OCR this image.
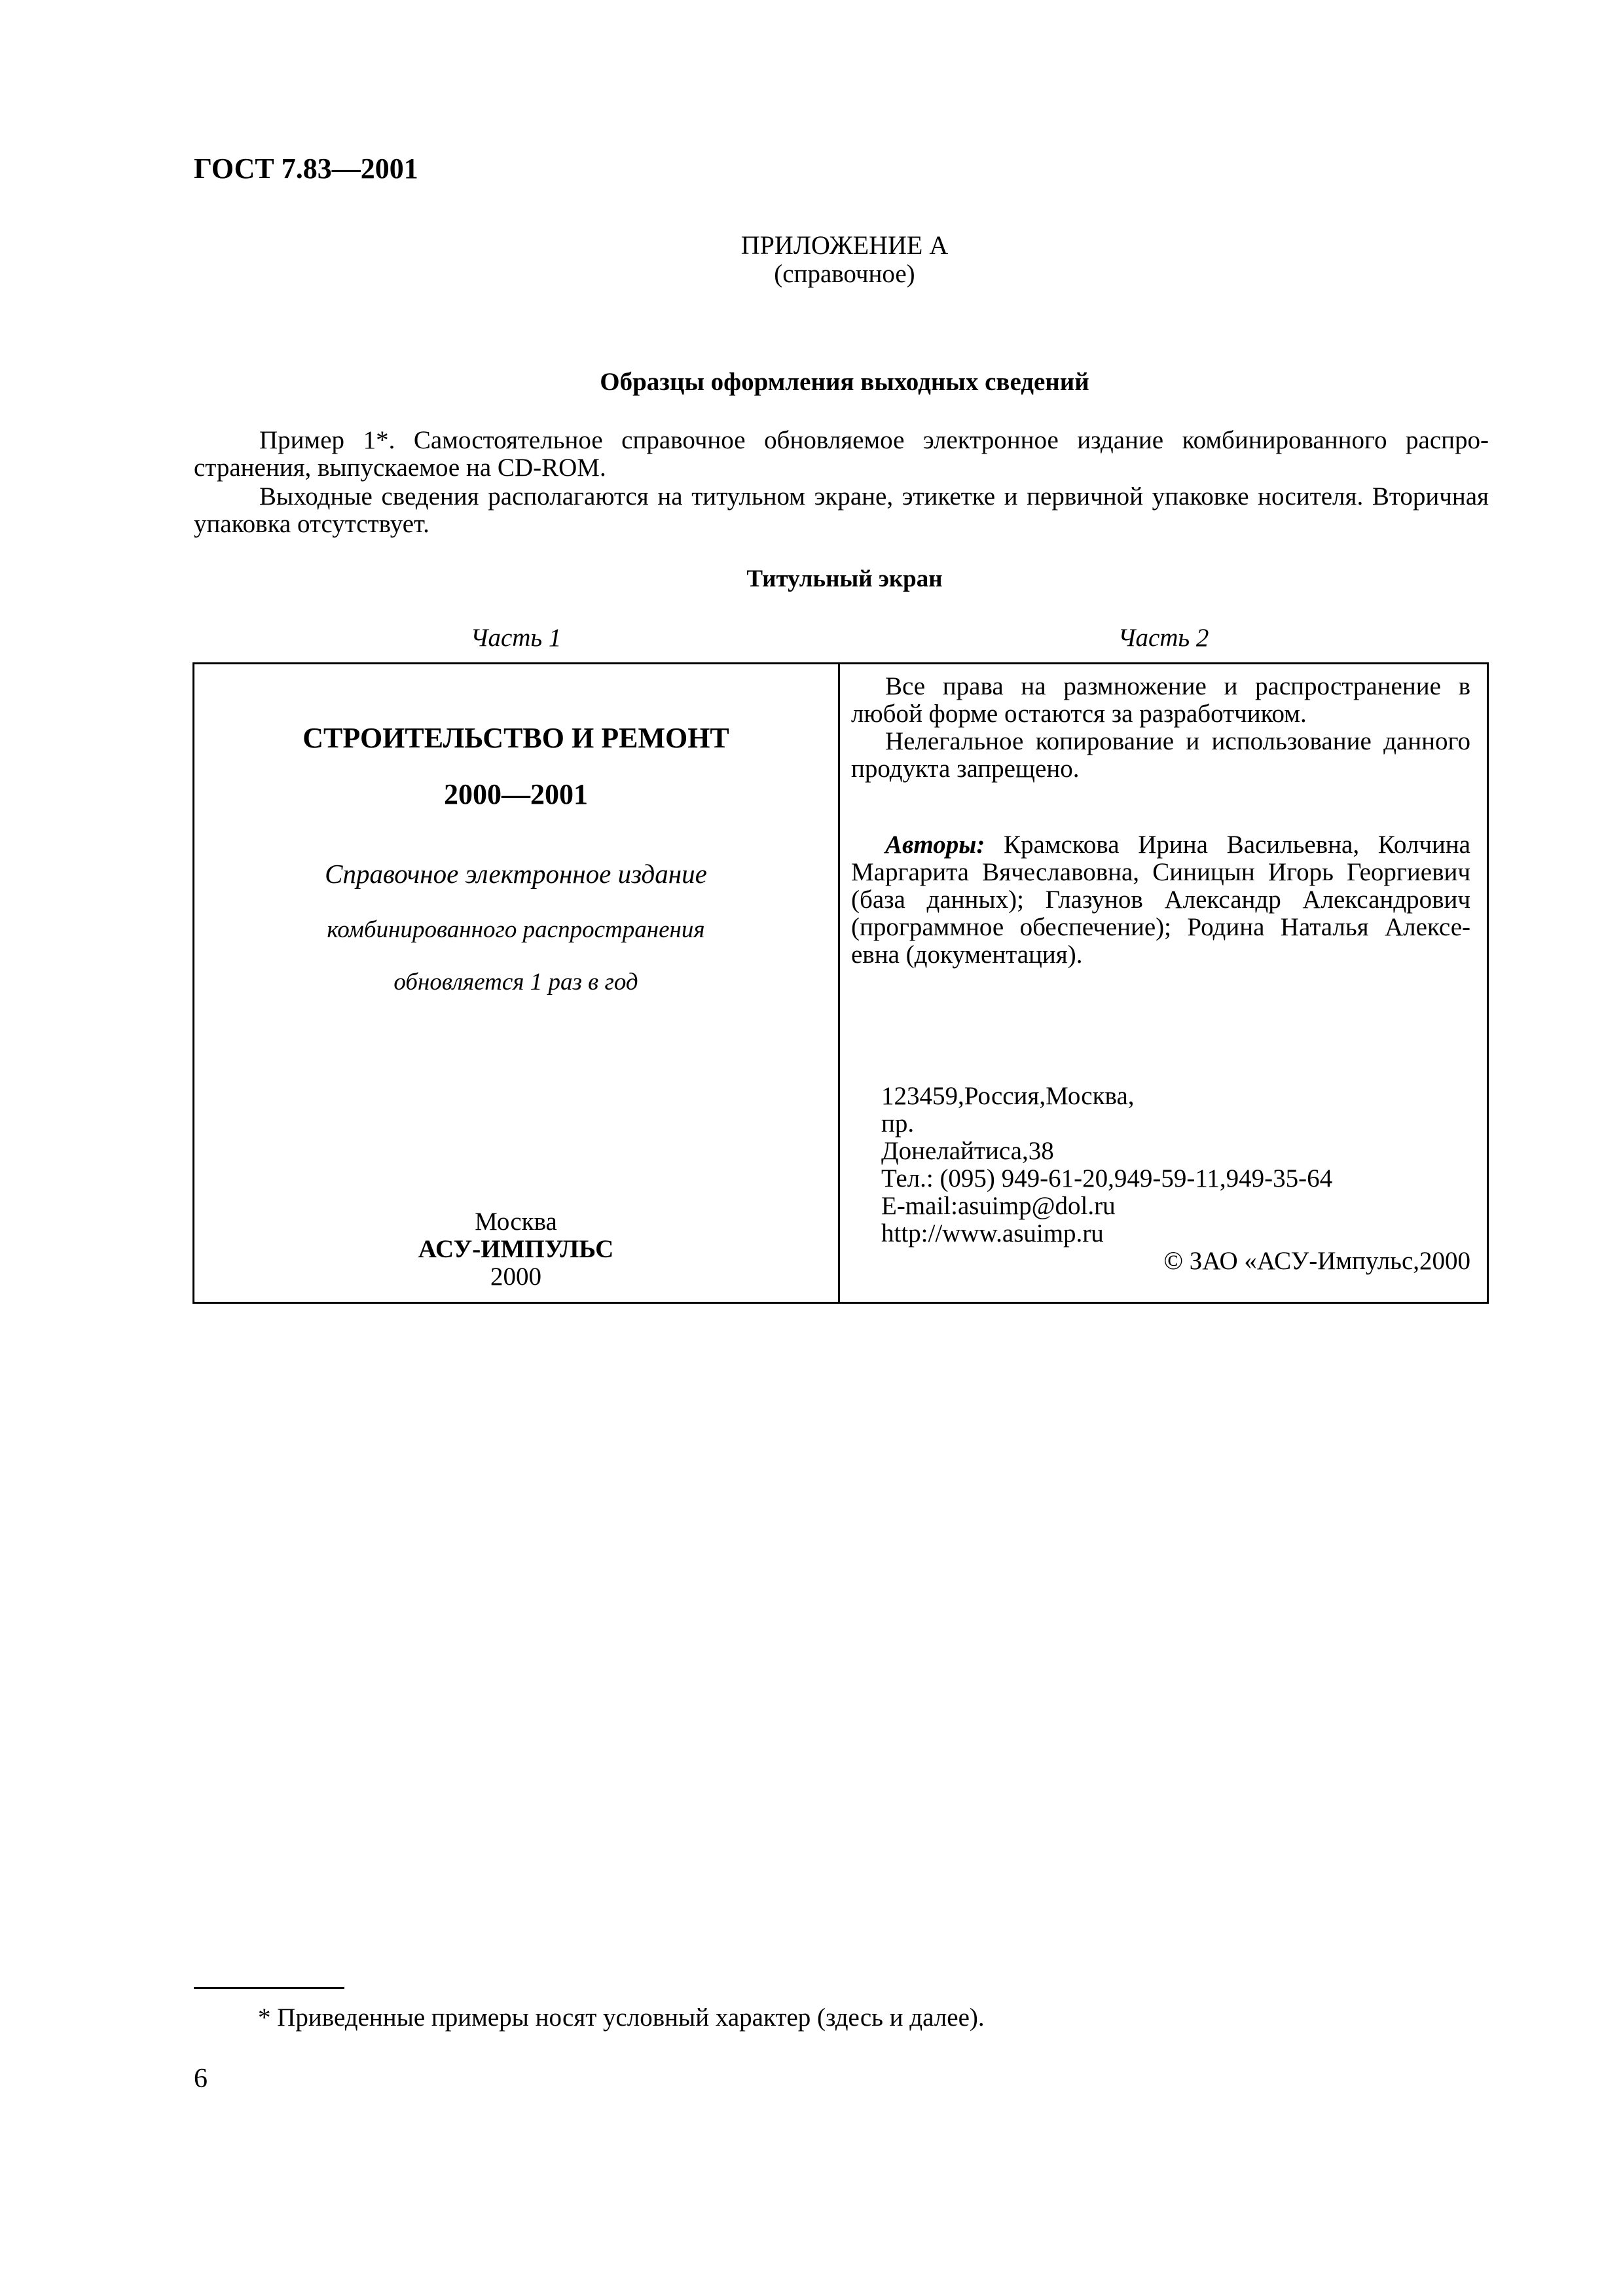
ГОСТ 7.83—2001
ПРИЛОЖЕНИЕ А
(справочное)
Образцы оформления выходных сведений
Пример 1*. Самостоятельное справочное обновляемое электронное издание комбинированного распро-странения, выпускаемое на CD-ROM.
Выходные сведения располагаются на титульном экране, этикетке и первичной упаковке носителя. Вторичная упаковка отсутствует.
Титульный экран
Часть 1	Часть 2
СТРОИТЕЛЬСТВО И РЕМОНТ
2000—2001
Справочное электронное издание
комбинированного распространения
обновляется 1 раз в год
Москва
АСУ-ИМПУЛЬС
2000
Все права на размножение и распространение в любой форме остаются за разработчиком.
Нелегальное копирование и использование данного продукта запрещено.
Авторы: Крамскова Ирина Васильевна, Колчина Маргарита Вячеславовна, Синицын Игорь Георгиевич (база данных); Глазунов Александр Александрович (программное обеспечение); Родина Наталья Алексе-евна (документация).
123459,Россия,Москва,
пр.
Донелайтиса,38
Тел.: (095) 949-61-20,949-59-11,949-35-64
E-mail:asuimp@dol.ru
http://www.asuimp.ru
© ЗАО «АСУ-Импульс,2000
* Приведенные примеры носят условный характер (здесь и далее).
6
